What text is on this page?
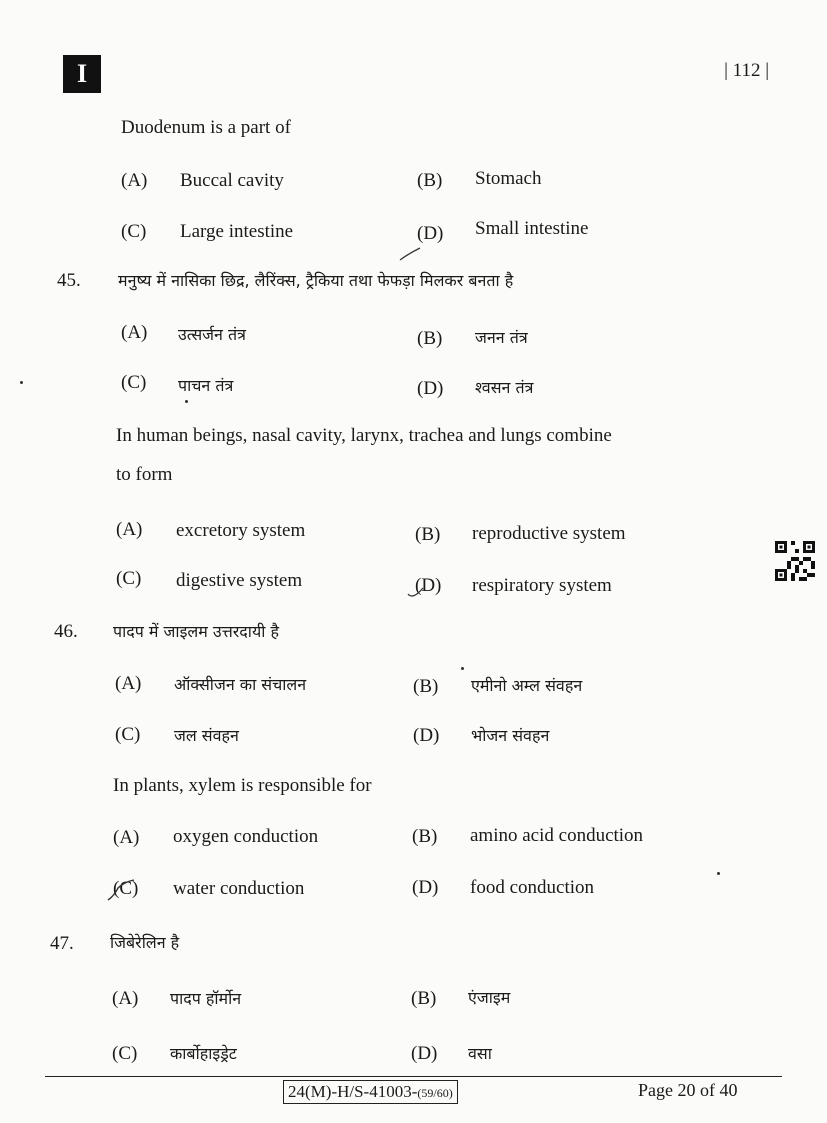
I	| 112 |
Duodenum is a part of
(A) Buccal cavity	(B) Stomach
(C) Large intestine	(D) Small intestine
45. मनुष्य में नासिका छिद्र, लैरिंक्स, ट्रैकिया तथा फेफड़ा मिलकर बनता है
(A) उत्सर्जन तंत्र	(B) जनन तंत्र
(C) पाचन तंत्र	(D) श्वसन तंत्र
In human beings, nasal cavity, larynx, trachea and lungs combine
to form
(A) excretory system	(B) reproductive system
(C) digestive system	(D) respiratory system
46. पादप में जाइलम उत्तरदायी है
(A) ऑक्सीजन का संचालन	(B) एमीनो अम्ल संवहन
(C) जल संवहन	(D) भोजन संवहन
In plants, xylem is responsible for
(A) oxygen conduction	(B) amino acid conduction
(C) water conduction	(D) food conduction
47. जिबेरेलिन है
(A) पादप हॉर्मोन	(B) एंजाइम
(C) कार्बोहाइड्रेट	(D) वसा
24(M)-H/S-41003-(59/60)	Page 20 of 40
